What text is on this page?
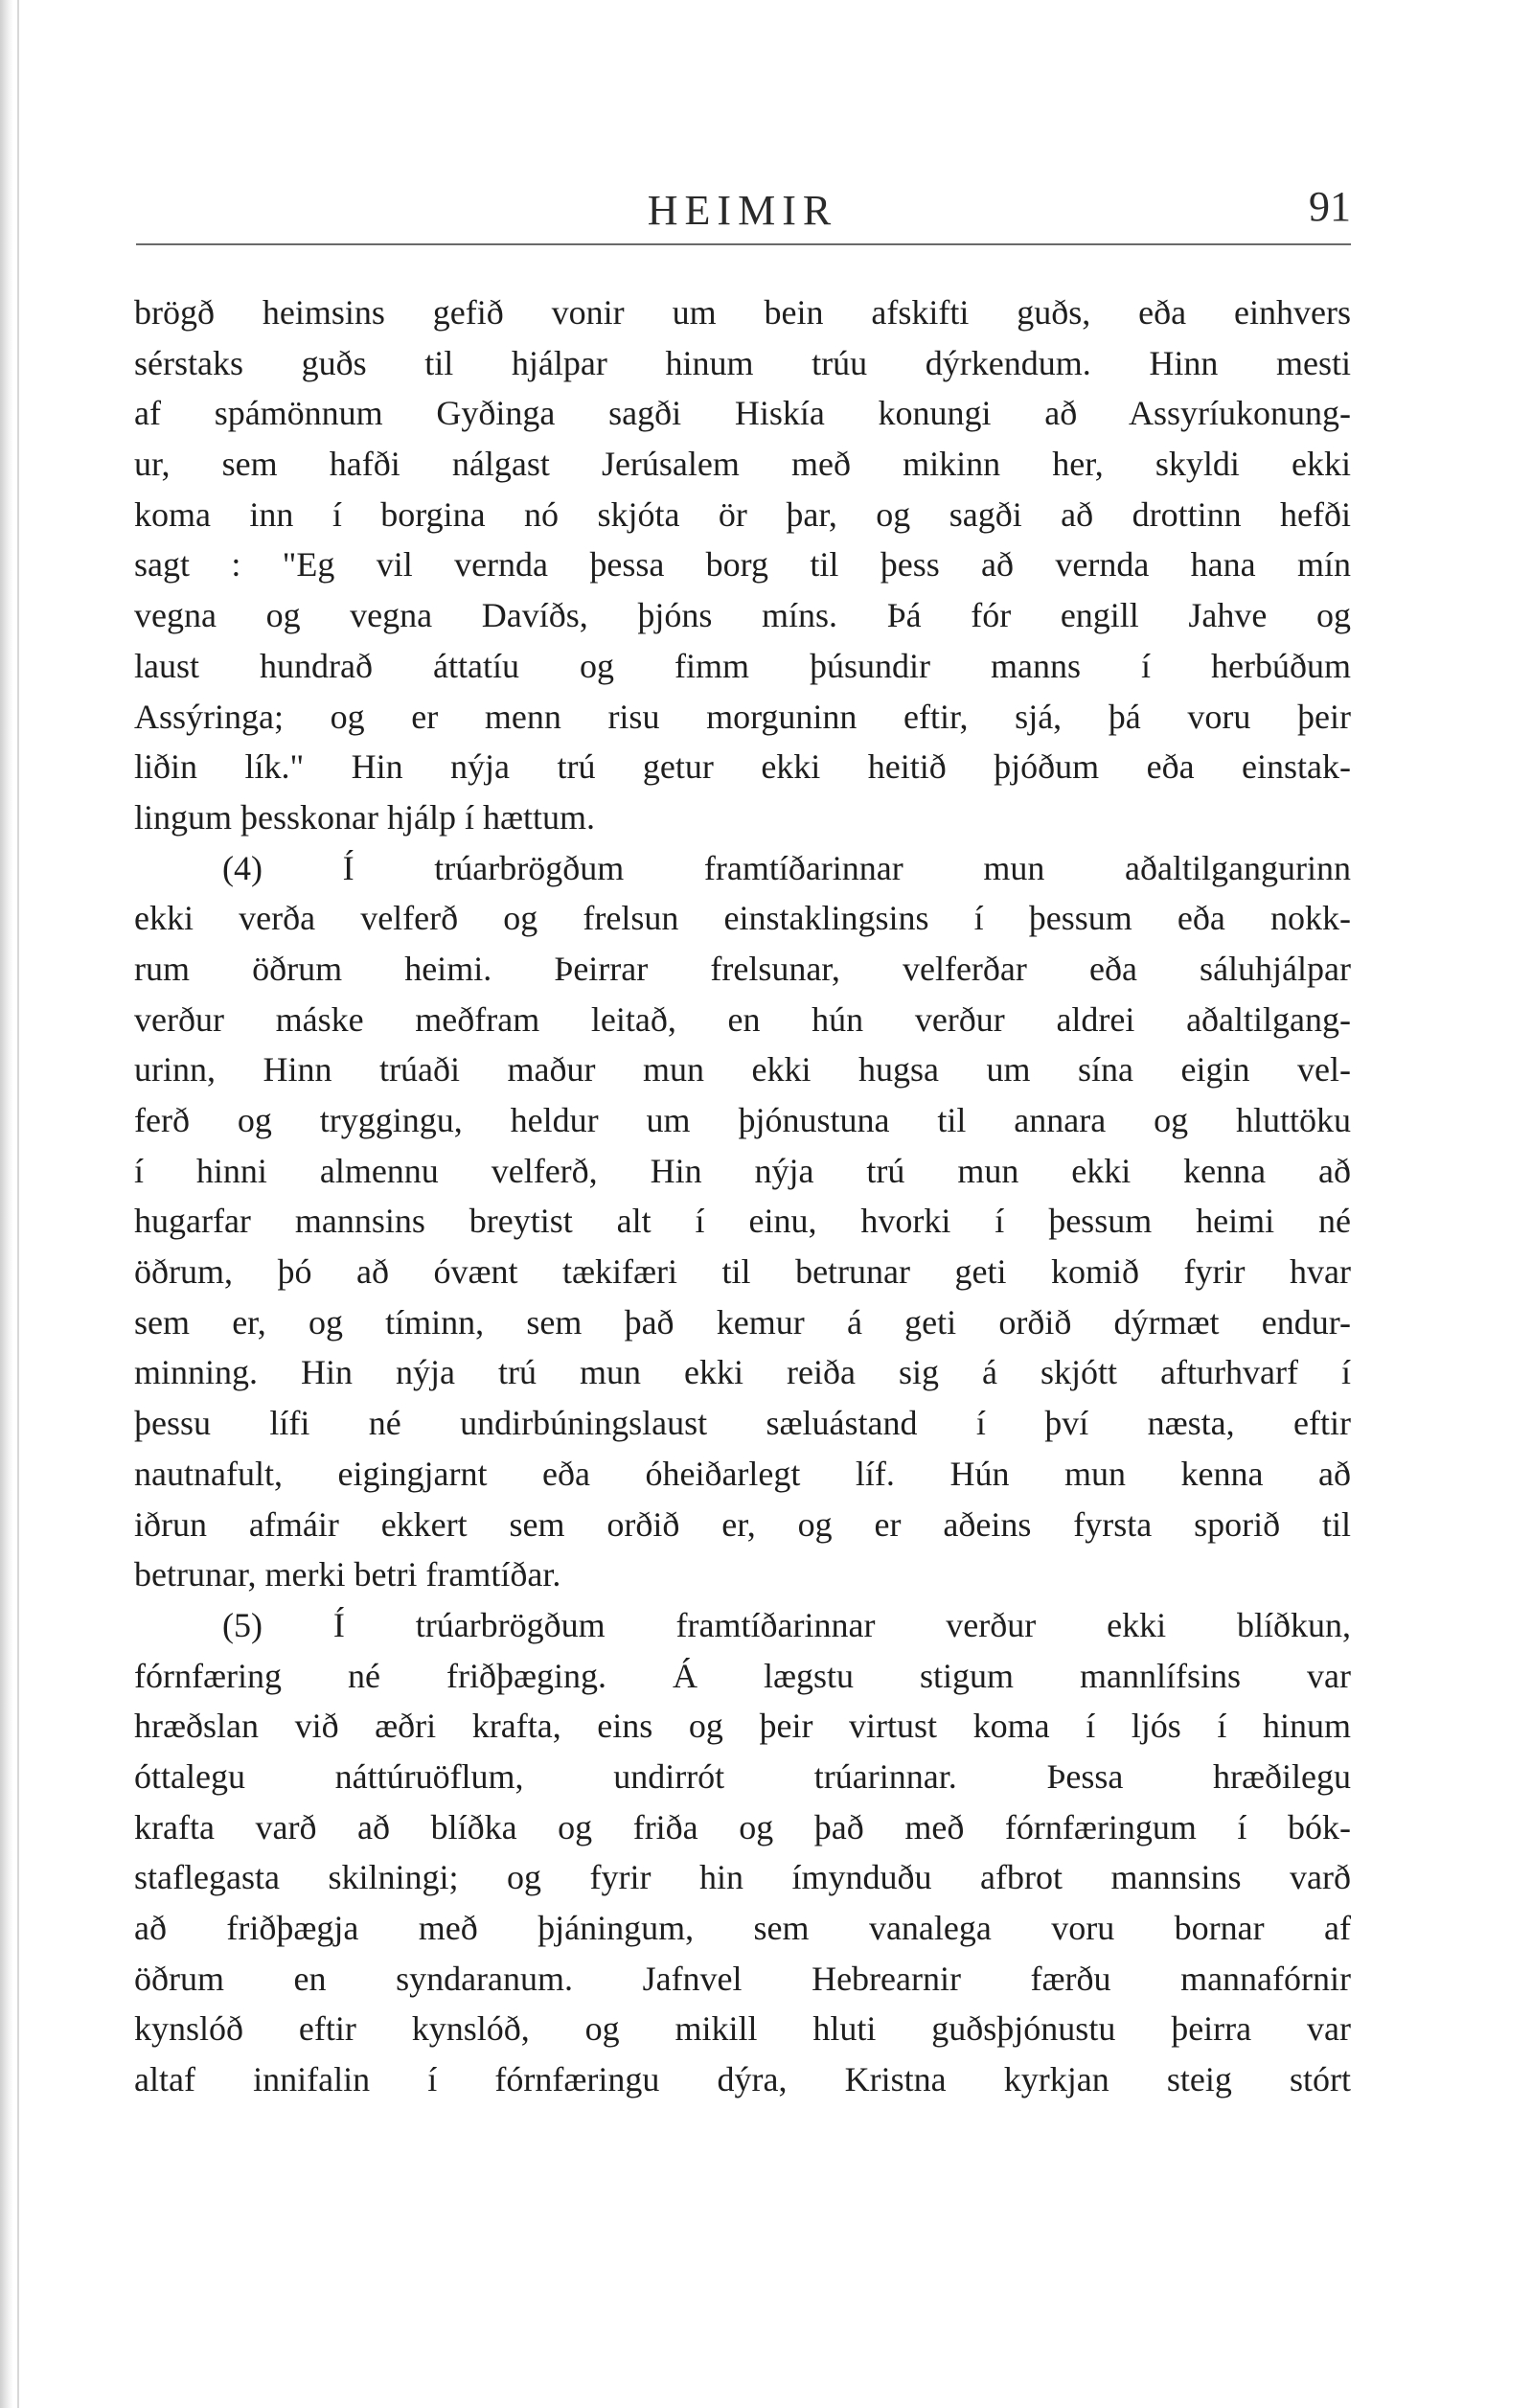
HEIMIR	91
brögð heimsins gefið vonir um bein afskifti guðs, eða einhvers
sérstaks guðs til hjálpar hinum trúu dýrkendum. Hinn mesti
af spámönnum Gyðinga sagði Hiskía konungi að Assyríukonung-
ur, sem hafði nálgast Jerúsalem með mikinn her, skyldi ekki
koma inn í borgina nó skjóta ör þar, og sagði að drottinn hefði
sagt : "Eg vil vernda þessa borg til þess að vernda hana mín
vegna og vegna Davíðs, þjóns míns. Þá fór engill Jahve og
laust hundrað áttatíu og fimm þúsundir manns í herbúðum
Assýringa; og er menn risu morguninn eftir, sjá, þá voru þeir
liðin lík." Hin nýja trú getur ekki heitið þjóðum eða einstak-
lingum þesskonar hjálp í hættum.
(4) Í trúarbrögðum framtíðarinnar mun aðaltilgangurinn
ekki verða velferð og frelsun einstaklingsins í þessum eða nokk-
rum öðrum heimi. Þeirrar frelsunar, velferðar eða sáluhjálpar
verður máske meðfram leitað, en hún verður aldrei aðaltilgang-
urinn, Hinn trúaði maður mun ekki hugsa um sína eigin vel-
ferð og tryggingu, heldur um þjónustuna til annara og hluttöku
í hinni almennu velferð, Hin nýja trú mun ekki kenna að
hugarfar mannsins breytist alt í einu, hvorki í þessum heimi né
öðrum, þó að óvænt tækifæri til betrunar geti komið fyrir hvar
sem er, og tíminn, sem það kemur á geti orðið dýrmæt endur-
minning. Hin nýja trú mun ekki reiða sig á skjótt afturhvarf í
þessu lífi né undirbúningslaust sæluástand í því næsta, eftir
nautnafult, eigingjarnt eða óheiðarlegt líf. Hún mun kenna að
iðrun afmáir ekkert sem orðið er, og er aðeins fyrsta sporið til
betrunar, merki betri framtíðar.
(5) Í trúarbrögðum framtíðarinnar verður ekki blíðkun,
fórnfæring né friðþæging. Á lægstu stigum mannlífsins var
hræðslan við æðri krafta, eins og þeir virtust koma í ljós í hinum
óttalegu náttúruöflum, undirrót trúarinnar. Þessa hræðilegu
krafta varð að blíðka og friða og það með fórnfæringum í bók-
staflegasta skilningi; og fyrir hin ímynduðu afbrot mannsins varð
að friðþægja með þjáningum, sem vanalega voru bornar af
öðrum en syndaranum. Jafnvel Hebrearnir færðu mannafórnir
kynslóð eftir kynslóð, og mikill hluti guðsþjónustu þeirra var
altaf innifalin í fórnfæringu dýra, Kristna kyrkjan steig stórt
